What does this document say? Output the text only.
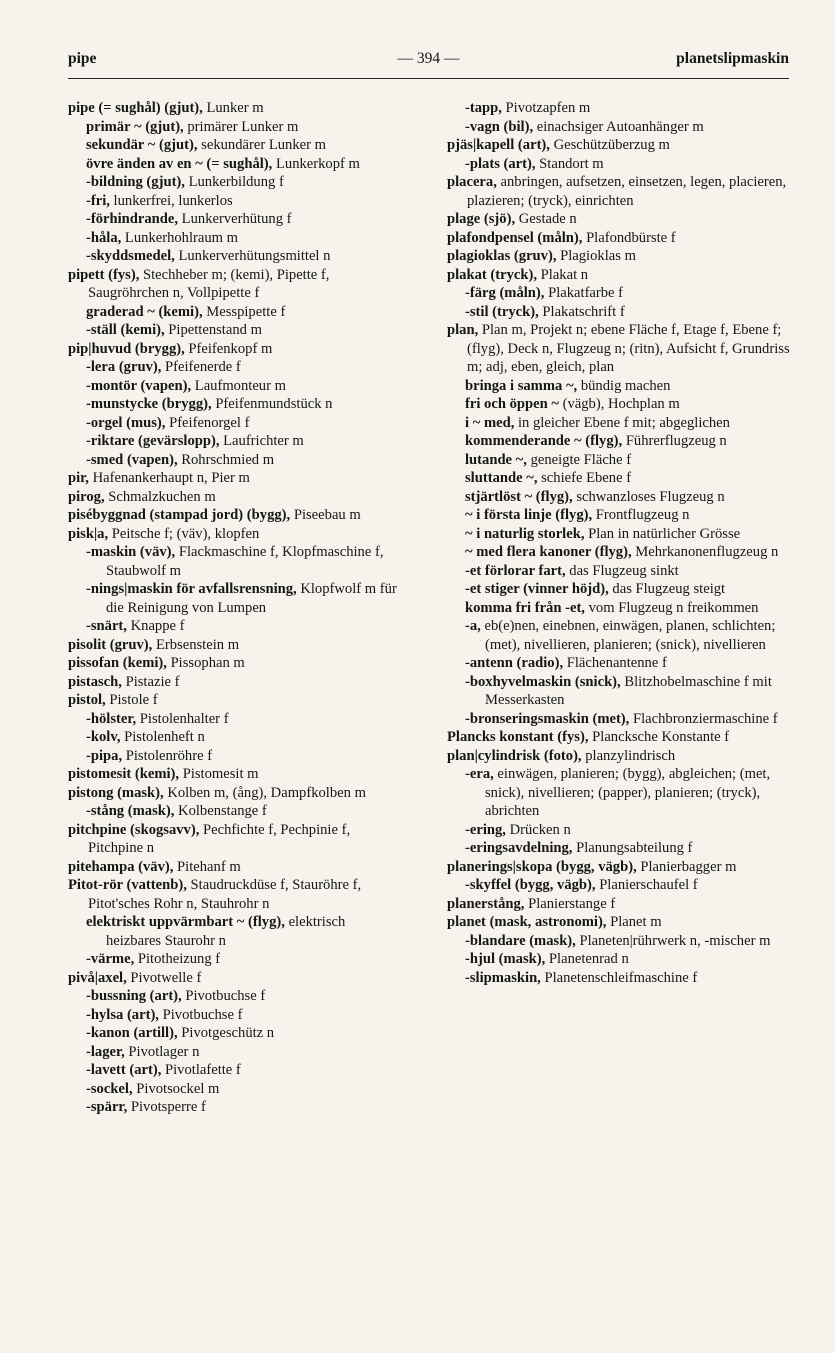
pipe	— 394 —	planetslipmaskin
pipe (= sughål) (gjut), Lunker m
primär ~ (gjut), primärer Lunker m
sekundär ~ (gjut), sekundärer Lunker m
övre änden av en ~ (= sughål), Lunkerkopf m
-bildning (gjut), Lunkerbildung f
-fri, lunkerfrei, lunkerlos
-förhindrande, Lunkerverhütung f
-håla, Lunkerhohlraum m
-skyddsmedel, Lunkerverhütungsmittel n
pipett (fys), Stechheber m; (kemi), Pipette f, Saugröhrchen n, Vollpipette f
graderad ~ (kemi), Messpipette f
-ställ (kemi), Pipettenstand m
pip|huvud (brygg), Pfeifenkopf m
-lera (gruv), Pfeifenerde f
-montör (vapen), Laufmonteur m
-munstycke (brygg), Pfeifenmundstück n
-orgel (mus), Pfeifenorgel f
-riktare (gevärslopp), Laufrichter m
-smed (vapen), Rohrschmied m
pir, Hafenankerhaupt n, Pier m
pirog, Schmalzkuchen m
pisébyggnad (stampad jord) (bygg), Piseebau m
pisk|a, Peitsche f; (väv), klopfen
-maskin (väv), Flackmaschine f, Klopfmaschine f, Staubwolf m
-nings|maskin för avfallsrensning, Klopfwolf m für die Reinigung von Lumpen
-snärt, Knappe f
pisolit (gruv), Erbsenstein m
pissofan (kemi), Pissophan m
pistasch, Pistazie f
pistol, Pistole f
-hölster, Pistolenhalter f
-kolv, Pistolenheft n
-pipa, Pistolenröhre f
pistomesit (kemi), Pistomesit m
pistong (mask), Kolben m, (ång), Dampfkolben m
-stång (mask), Kolbenstange f
pitchpine (skogsavv), Pechfichte f, Pechpinie f, Pitchpine n
pitehampa (väv), Pitehanf m
Pitot-rör (vattenb), Staudruckdüse f, Stauröhre f, Pitot'sches Rohr n, Stauhrohr n
elektriskt uppvärmbart ~ (flyg), elektrisch heizbares Staurohr n
-värme, Pitotheizung f
pivå|axel, Pivotwelle f
-bussning (art), Pivotbuchse f
-hylsa (art), Pivotbuchse f
-kanon (artill), Pivotgeschütz n
-lager, Pivotlager n
-lavett (art), Pivotlafette f
-sockel, Pivotsockel m
-spärr, Pivotsperre f
-tapp, Pivotzapfen m
-vagn (bil), einachsiger Autoanhänger m
pjäs|kapell (art), Geschützüberzug m
-plats (art), Standort m
placera, anbringen, aufsetzen, einsetzen, legen, placieren, plazieren; (tryck), einrichten
plage (sjö), Gestade n
plafondpensel (måln), Plafondbürste f
plagioklas (gruv), Plagioklas m
plakat (tryck), Plakat n
-färg (måln), Plakatfarbe f
-stil (tryck), Plakatschrift f
plan, Plan m, Projekt n; ebene Fläche f, Etage f, Ebene f; (flyg), Deck n, Flugzeug n; (ritn), Aufsicht f, Grundriss m; adj, eben, gleich, plan
bringa i samma ~, bündig machen
fri och öppen ~ (vägb), Hochplan m
i ~ med, in gleicher Ebene f mit; abgeglichen
kommenderande ~ (flyg), Führerflugzeug n
lutande ~, geneigte Fläche f
sluttande ~, schiefe Ebene f
stjärtlöst ~ (flyg), schwanzloses Flugzeug n
~ i första linje (flyg), Frontflugzeug n
~ i naturlig storlek, Plan in natürlicher Grösse
~ med flera kanoner (flyg), Mehrkanonenflugzeug n
-et förlorar fart, das Flugzeug sinkt
-et stiger (vinner höjd), das Flugzeug steigt
komma fri från -et, vom Flugzeug n freikommen
-a, eb(e)nen, einebnen, einwägen, planen, schlichten; (met), nivellieren, planieren; (snick), nivellieren
-antenn (radio), Flächenantenne f
-boxhyvelmaskin (snick), Blitzhobelmaschine f mit Messerkasten
-bronseringsmaskin (met), Flachbronziermaschine f
Plancks konstant (fys), Plancksche Konstante f
plan|cylindrisk (foto), planzylindrisch
-era, einwägen, planieren; (bygg), abgleichen; (met, snick), nivellieren; (papper), planieren; (tryck), abrichten
-ering, Drücken n
-eringsavdelning, Planungsabteilung f
planerings|skopa (bygg, vägb), Planierbagger m
-skyffel (bygg, vägb), Planierschaufel f
planerstång, Planierstange f
planet (mask, astronomi), Planet m
-blandare (mask), Planeten|rührwerk n, -mischer m
-hjul (mask), Planetenrad n
-slipmaskin, Planetenschleifmaschine f
